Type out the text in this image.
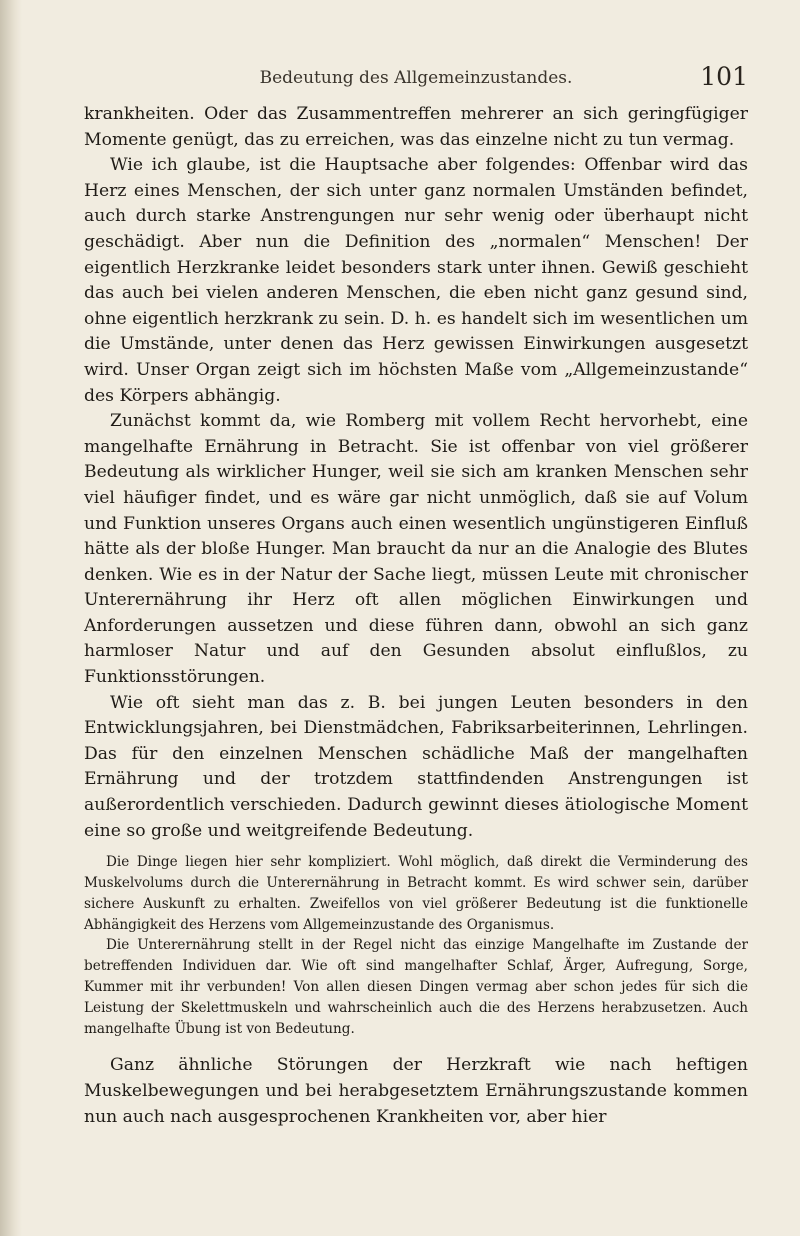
Bedeutung des Allgemeinzustandes.	101

krankheiten. Oder das Zusammentreffen mehrerer an sich geringfügiger Momente genügt, das zu erreichen, was das einzelne nicht zu tun vermag.

Wie ich glaube, ist die Hauptsache aber folgendes: Offenbar wird das Herz eines Menschen, der sich unter ganz normalen Umständen befindet, auch durch starke Anstrengungen nur sehr wenig oder überhaupt nicht geschädigt. Aber nun die Definition des „normalen“ Menschen! Der eigentlich Herzkranke leidet besonders stark unter ihnen. Gewiß geschieht das auch bei vielen anderen Menschen, die eben nicht ganz gesund sind, ohne eigentlich herzkrank zu sein. D. h. es handelt sich im wesentlichen um die Umstände, unter denen das Herz gewissen Einwirkungen ausgesetzt wird. Unser Organ zeigt sich im höchsten Maße vom „Allgemeinzustande“ des Körpers abhängig.

Zunächst kommt da, wie Romberg mit vollem Recht hervorhebt, eine mangelhafte Ernährung in Betracht. Sie ist offenbar von viel größerer Bedeutung als wirklicher Hunger, weil sie sich am kranken Menschen sehr viel häufiger findet, und es wäre gar nicht unmöglich, daß sie auf Volum und Funktion unseres Organs auch einen wesentlich ungünstigeren Einfluß hätte als der bloße Hunger. Man braucht da nur an die Analogie des Blutes denken. Wie es in der Natur der Sache liegt, müssen Leute mit chronischer Unterernährung ihr Herz oft allen möglichen Einwirkungen und Anforderungen aussetzen und diese führen dann, obwohl an sich ganz harmloser Natur und auf den Gesunden absolut einflußlos, zu Funktionsstörungen.

Wie oft sieht man das z. B. bei jungen Leuten besonders in den Entwicklungsjahren, bei Dienstmädchen, Fabriksarbeiterinnen, Lehrlingen. Das für den einzelnen Menschen schädliche Maß der mangelhaften Ernährung und der trotzdem stattfindenden Anstrengungen ist außerordentlich verschieden. Dadurch gewinnt dieses ätiologische Moment eine so große und weitgreifende Bedeutung.

Die Dinge liegen hier sehr kompliziert. Wohl möglich, daß direkt die Verminderung des Muskelvolums durch die Unterernährung in Betracht kommt. Es wird schwer sein, darüber sichere Auskunft zu erhalten. Zweifellos von viel größerer Bedeutung ist die funktionelle Abhängigkeit des Herzens vom Allgemeinzustande des Organismus.

Die Unterernährung stellt in der Regel nicht das einzige Mangelhafte im Zustande der betreffenden Individuen dar. Wie oft sind mangelhafter Schlaf, Ärger, Aufregung, Sorge, Kummer mit ihr verbunden! Von allen diesen Dingen vermag aber schon jedes für sich die Leistung der Skelettmuskeln und wahrscheinlich auch die des Herzens herabzusetzen. Auch mangelhafte Übung ist von Bedeutung.

Ganz ähnliche Störungen der Herzkraft wie nach heftigen Muskelbewegungen und bei herabgesetztem Ernährungszustande kommen nun auch nach ausgesprochenen Krankheiten vor, aber hier
